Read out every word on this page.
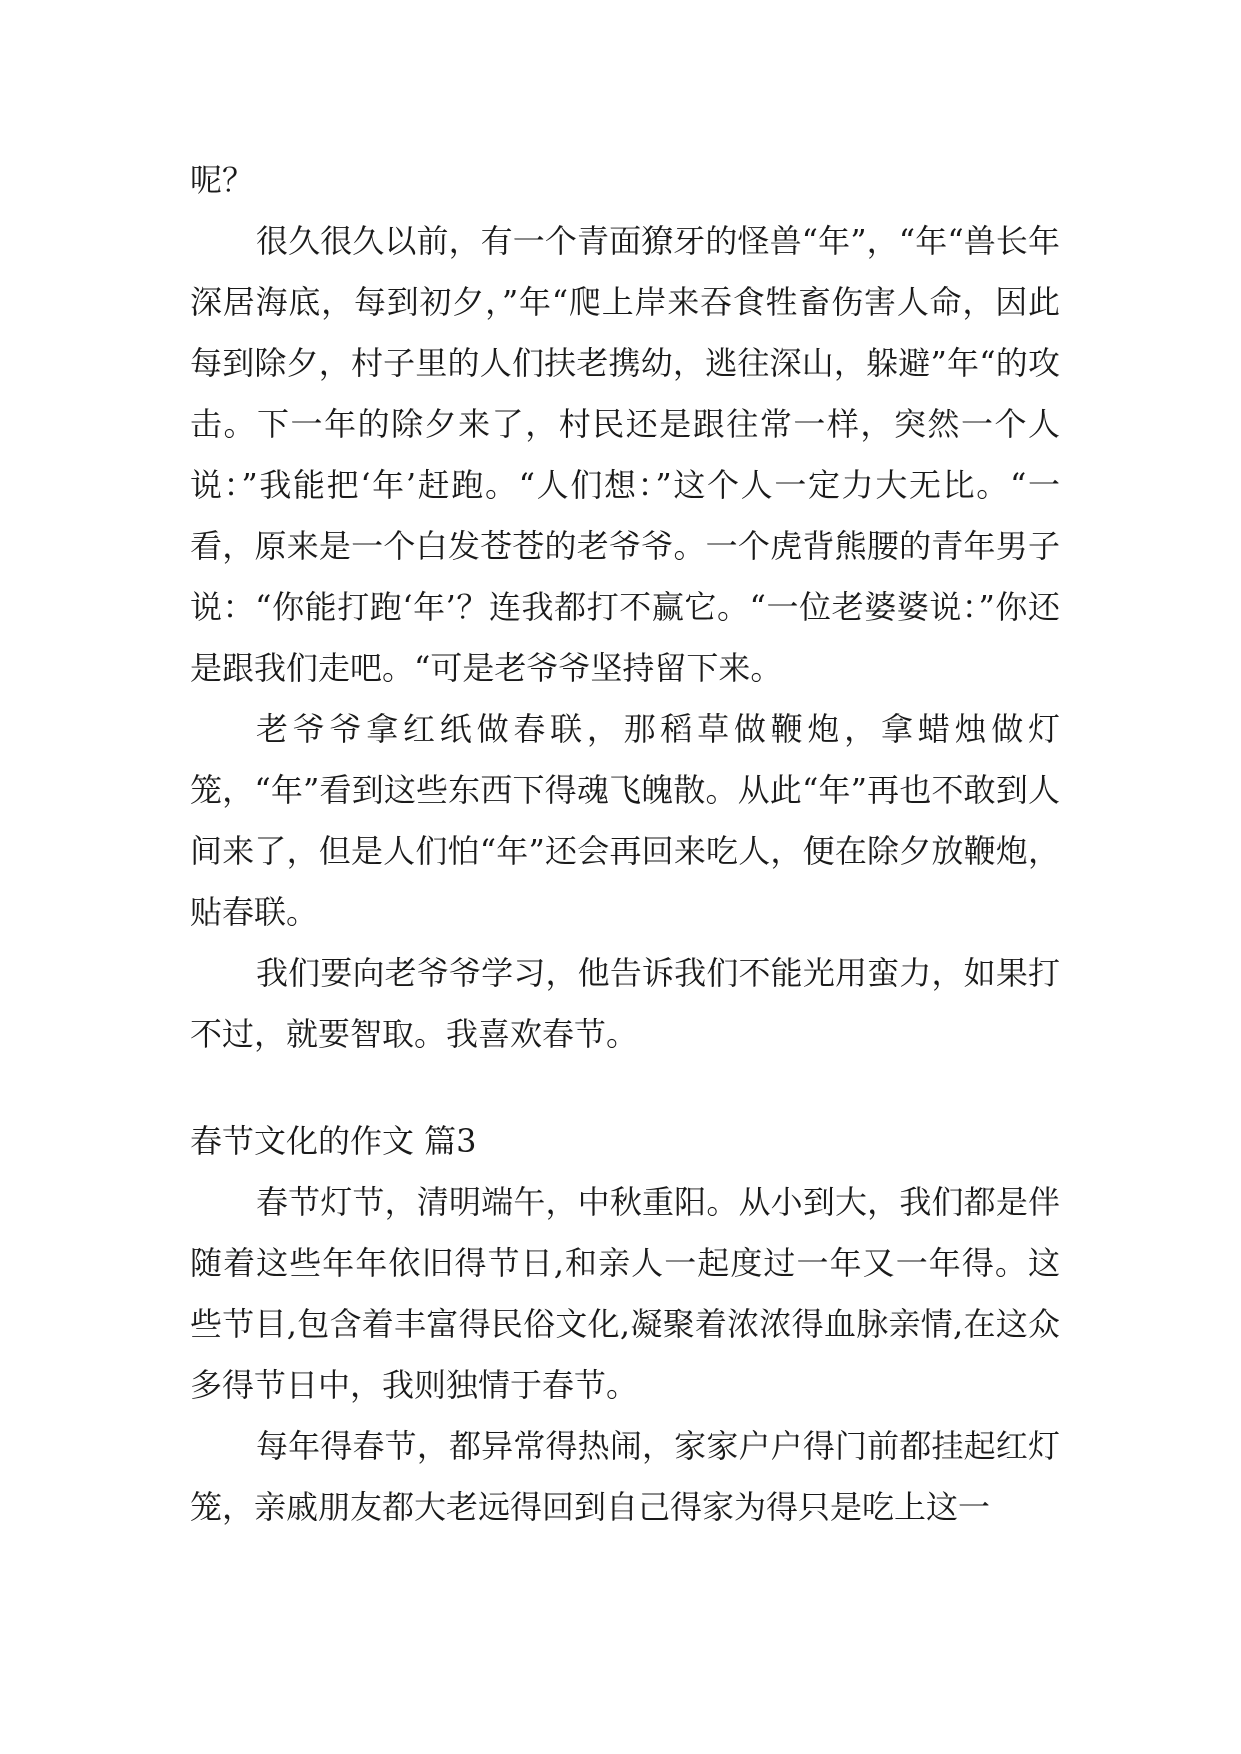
呢？

很久很久以前，有一个青面獠牙的怪兽“年”，“年“兽长年深居海底，每到初夕，”年“爬上岸来吞食牲畜伤害人命，因此每到除夕，村子里的人们扶老携幼，逃往深山，躲避”年“的攻击。下一年的除夕来了，村民还是跟往常一样，突然一个人说：”我能把‘年’赶跑。“人们想：”这个人一定力大无比。“一看，原来是一个白发苍苍的老爷爷。一个虎背熊腰的青年男子说：“你能打跑‘年’？连我都打不赢它。“一位老婆婆说：”你还是跟我们走吧。“可是老爷爷坚持留下来。

老爷爷拿红纸做春联，那稻草做鞭炮，拿蜡烛做灯笼，“年”看到这些东西下得魂飞魄散。从此“年”再也不敢到人间来了，但是人们怕“年”还会再回来吃人，便在除夕放鞭炮，贴春联。

我们要向老爷爷学习，他告诉我们不能光用蛮力，如果打不过，就要智取。我喜欢春节。

春节文化的作文 篇3

春节灯节，清明端午，中秋重阳。从小到大，我们都是伴随着这些年年依旧得节日,和亲人一起度过一年又一年得。这些节目,包含着丰富得民俗文化,凝聚着浓浓得血脉亲情,在这众多得节日中，我则独情于春节。

每年得春节，都异常得热闹，家家户户得门前都挂起红灯笼，亲戚朋友都大老远得回到自己得家为得只是吃上这一
